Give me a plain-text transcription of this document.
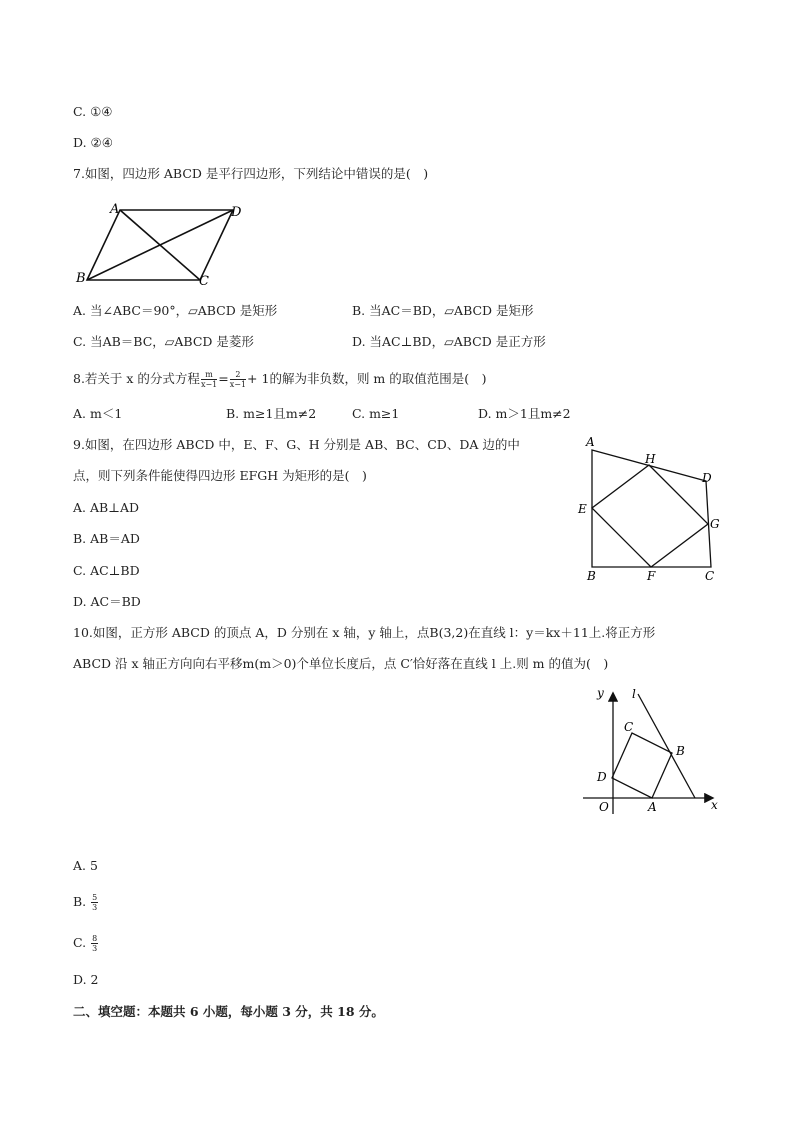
C. ①④
D. ②④
7.如图，四边形 ABCD 是平行四边形，下列结论中错误的是(　)
A	D
B	C
A. 当∠ABC＝90°，▱ABCD 是矩形	B. 当AC＝BD，▱ABCD 是矩形
C. 当AB＝BC，▱ABCD 是菱形	D. 当AC⊥BD，▱ABCD 是正方形
8.若关于 x 的分式方程 $\frac{m}{x-1} = \frac{2}{x-1} + 1$的解为非负数，则 m 的取值范围是(　)
A. m＜1	B. m≥1且m≠2	C. m≥1	D. m＞1且m≠2
9.如图，在四边形 ABCD 中，E、F、G、H 分别是 AB、BC、CD、DA 边的中
点，则下列条件能使得四边形 EFGH 为矩形的是(　)
A
H
D
E
G
B	F	C
A. AB⊥AD
B. AB＝AD
C. AC⊥BD
D. AC＝BD
10.如图，正方形 ABCD 的顶点 A，D 分别在 x 轴，y 轴上，点B(3,2)在直线 l：y＝kx＋11上.将正方形
ABCD 沿 x 轴正方向向右平移m(m＞0)个单位长度后，点 C′恰好落在直线 l 上.则 m 的值为(　)
y l
C
B
D
O	A	x
A. 5
B. $\frac{5}{3}$
C. $\frac{8}{3}$
D. 2
二、填空题：本题共 6 小题，每小题 3 分，共 18 分。
